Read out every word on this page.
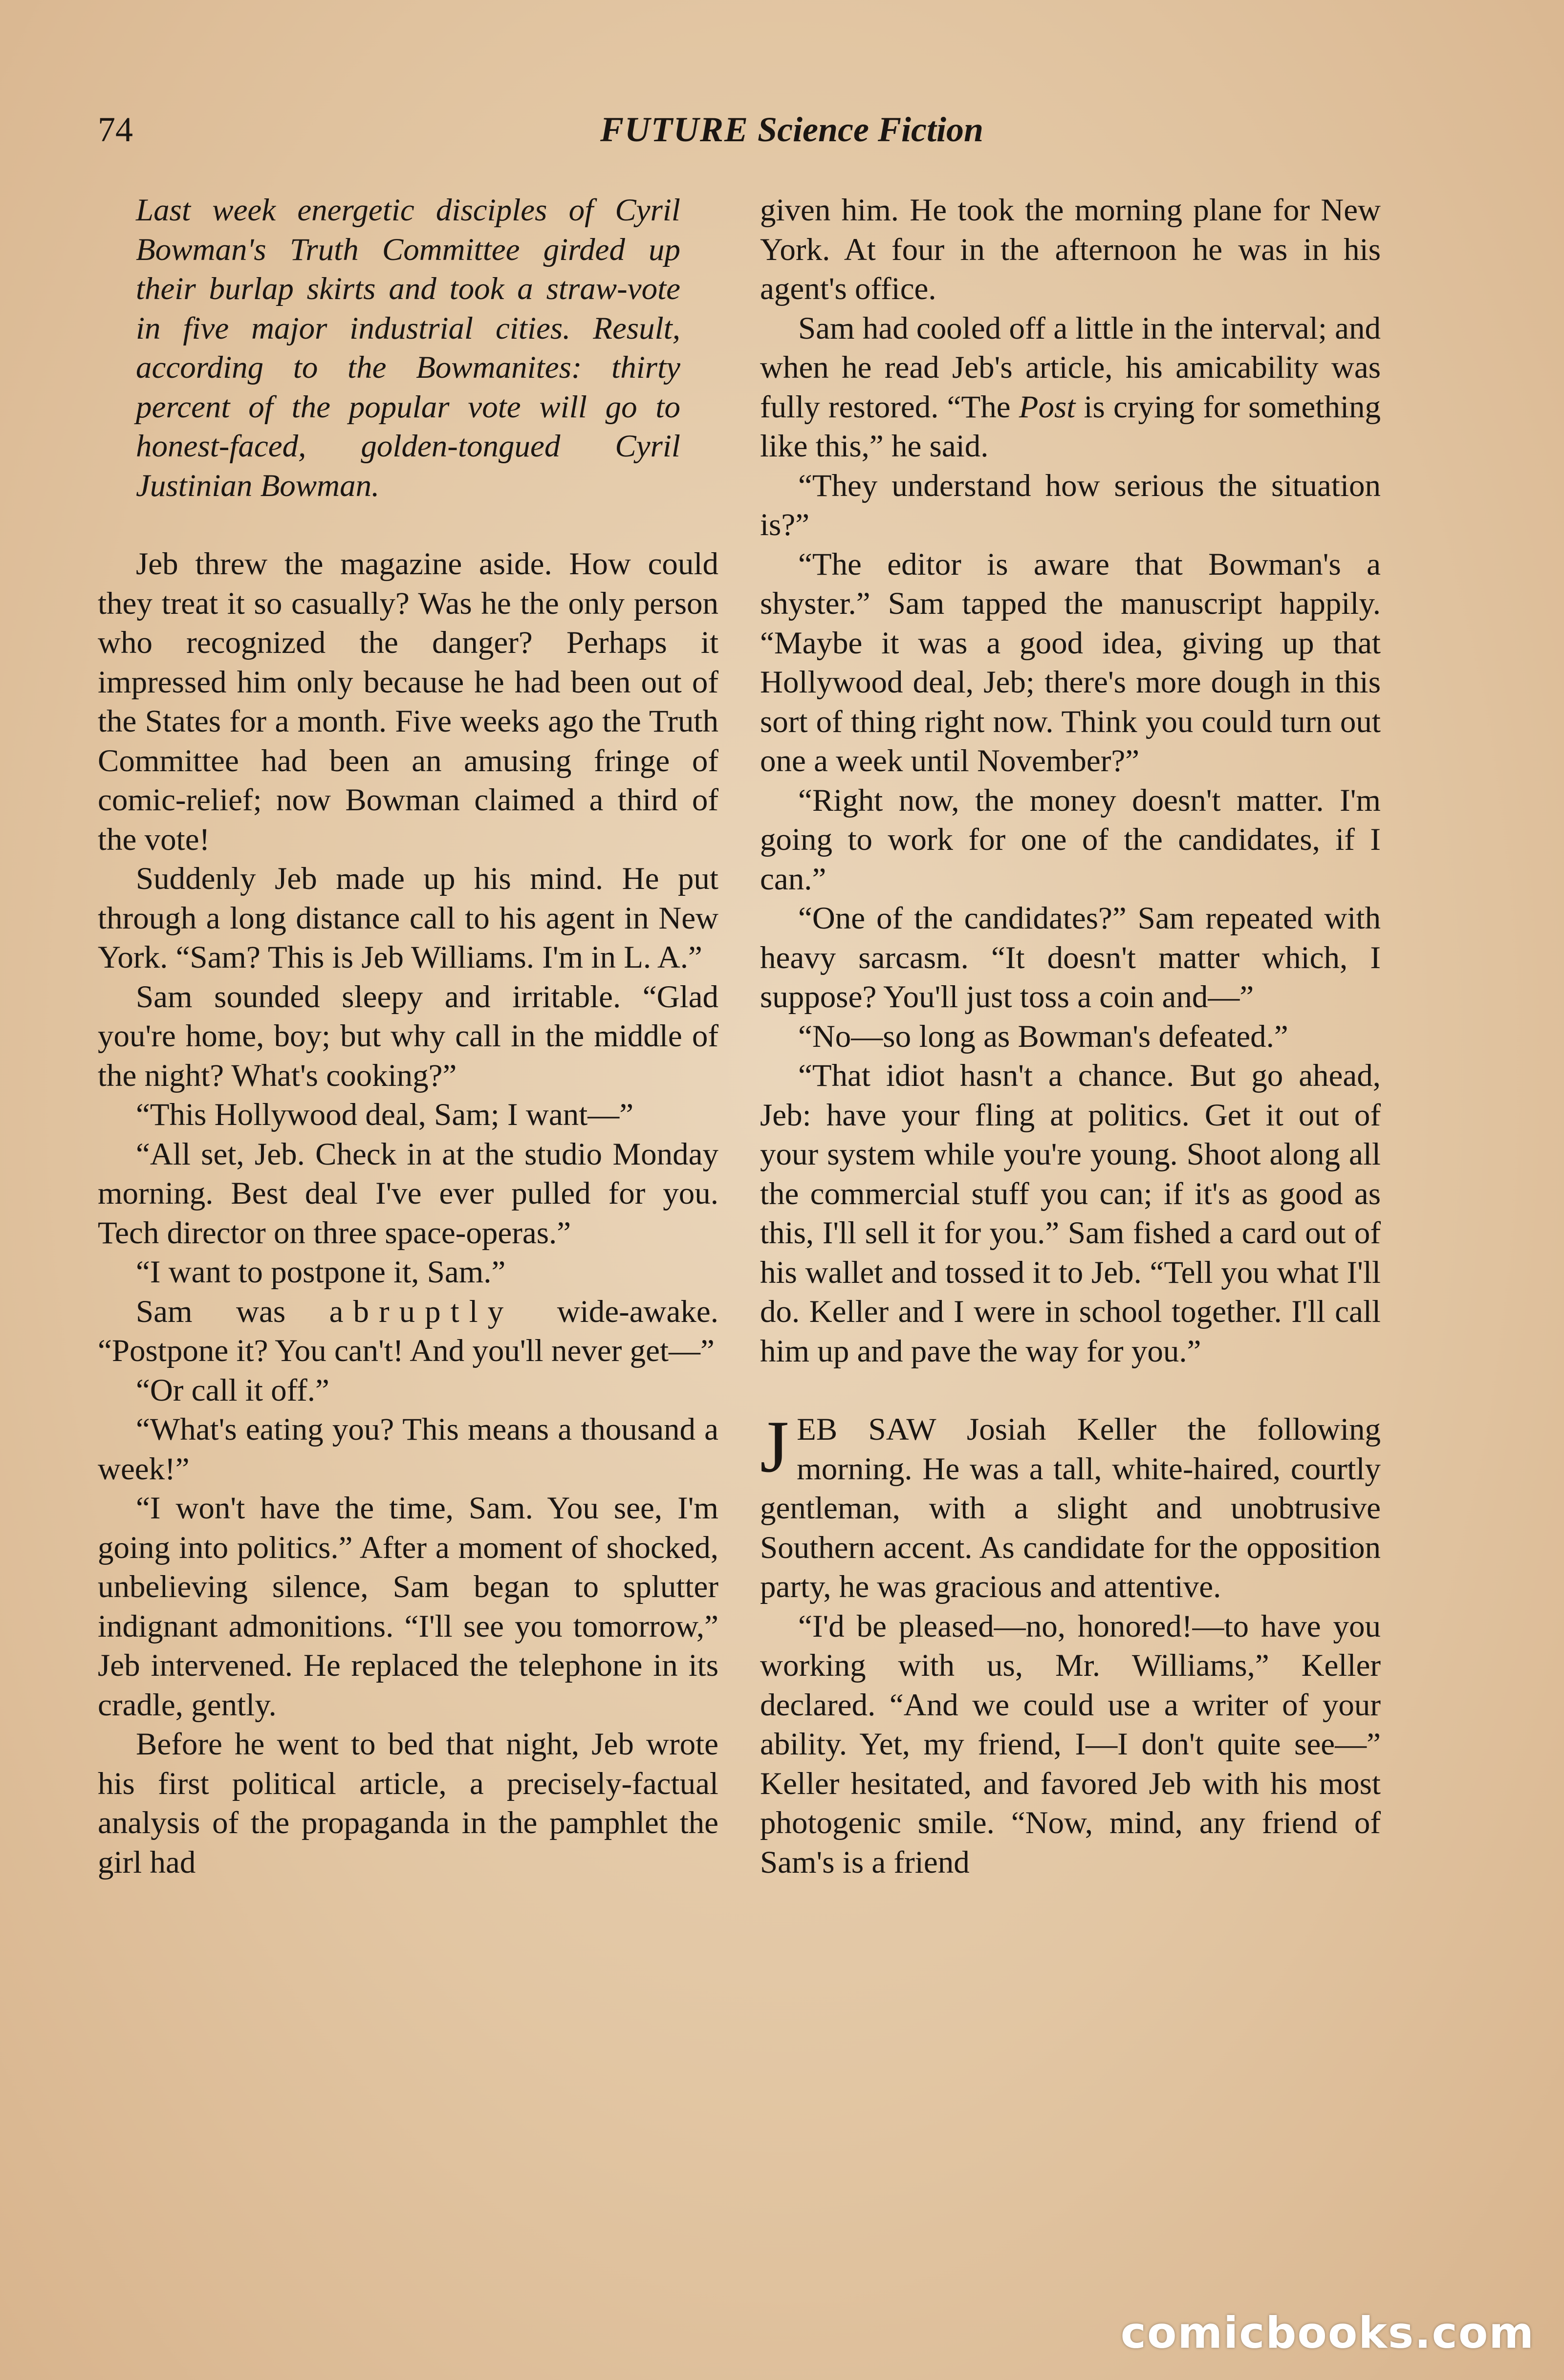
74	FUTURE Science Fiction

Last week energetic disciples of Cyril Bowman's Truth Committee girded up their burlap skirts and took a straw-vote in five major industrial cities. Result, according to the Bowmanites: thirty percent of the popular vote will go to honest-faced, golden-tongued Cyril Justinian Bowman.

Jeb threw the magazine aside. How could they treat it so casually? Was he the only person who recognized the danger? Perhaps it impressed him only because he had been out of the States for a month. Five weeks ago the Truth Committee had been an amusing fringe of comic-relief; now Bowman claimed a third of the vote!

Suddenly Jeb made up his mind. He put through a long distance call to his agent in New York. “Sam? This is Jeb Williams. I'm in L. A.”

Sam sounded sleepy and irritable. “Glad you're home, boy; but why call in the middle of the night? What's cooking?”

“This Hollywood deal, Sam; I want—”

“All set, Jeb. Check in at the studio Monday morning. Best deal I've ever pulled for you. Tech director on three space-operas.”

“I want to postpone it, Sam.”

Sam was abruptly wide-awake. “Postpone it? You can't! And you'll never get—”

“Or call it off.”

“What's eating you? This means a thousand a week!”

“I won't have the time, Sam. You see, I'm going into politics.” After a moment of shocked, unbelieving silence, Sam began to splutter indignant admonitions. “I'll see you tomorrow,” Jeb intervened. He replaced the telephone in its cradle, gently.

Before he went to bed that night, Jeb wrote his first political article, a precisely-factual analysis of the propaganda in the pamphlet the girl had

given him. He took the morning plane for New York. At four in the afternoon he was in his agent's office.

Sam had cooled off a little in the interval; and when he read Jeb's article, his amicability was fully restored. “The Post is crying for something like this,” he said.

“They understand how serious the situation is?”

“The editor is aware that Bowman's a shyster.” Sam tapped the manuscript happily. “Maybe it was a good idea, giving up that Hollywood deal, Jeb; there's more dough in this sort of thing right now. Think you could turn out one a week until November?”

“Right now, the money doesn't matter. I'm going to work for one of the candidates, if I can.”

“One of the candidates?” Sam repeated with heavy sarcasm. “It doesn't matter which, I suppose? You'll just toss a coin and—”

“No—so long as Bowman's defeated.”

“That idiot hasn't a chance. But go ahead, Jeb: have your fling at politics. Get it out of your system while you're young. Shoot along all the commercial stuff you can; if it's as good as this, I'll sell it for you.” Sam fished a card out of his wallet and tossed it to Jeb. “Tell you what I'll do. Keller and I were in school together. I'll call him up and pave the way for you.”

JEB SAW Josiah Keller the following morning. He was a tall, white-haired, courtly gentleman, with a slight and unobtrusive Southern accent. As candidate for the opposition party, he was gracious and attentive.

“I'd be pleased—no, honored!—to have you working with us, Mr. Williams,” Keller declared. “And we could use a writer of your ability. Yet, my friend, I—I don't quite see—” Keller hesitated, and favored Jeb with his most photogenic smile. “Now, mind, any friend of Sam's is a friend

comicbooks.com
